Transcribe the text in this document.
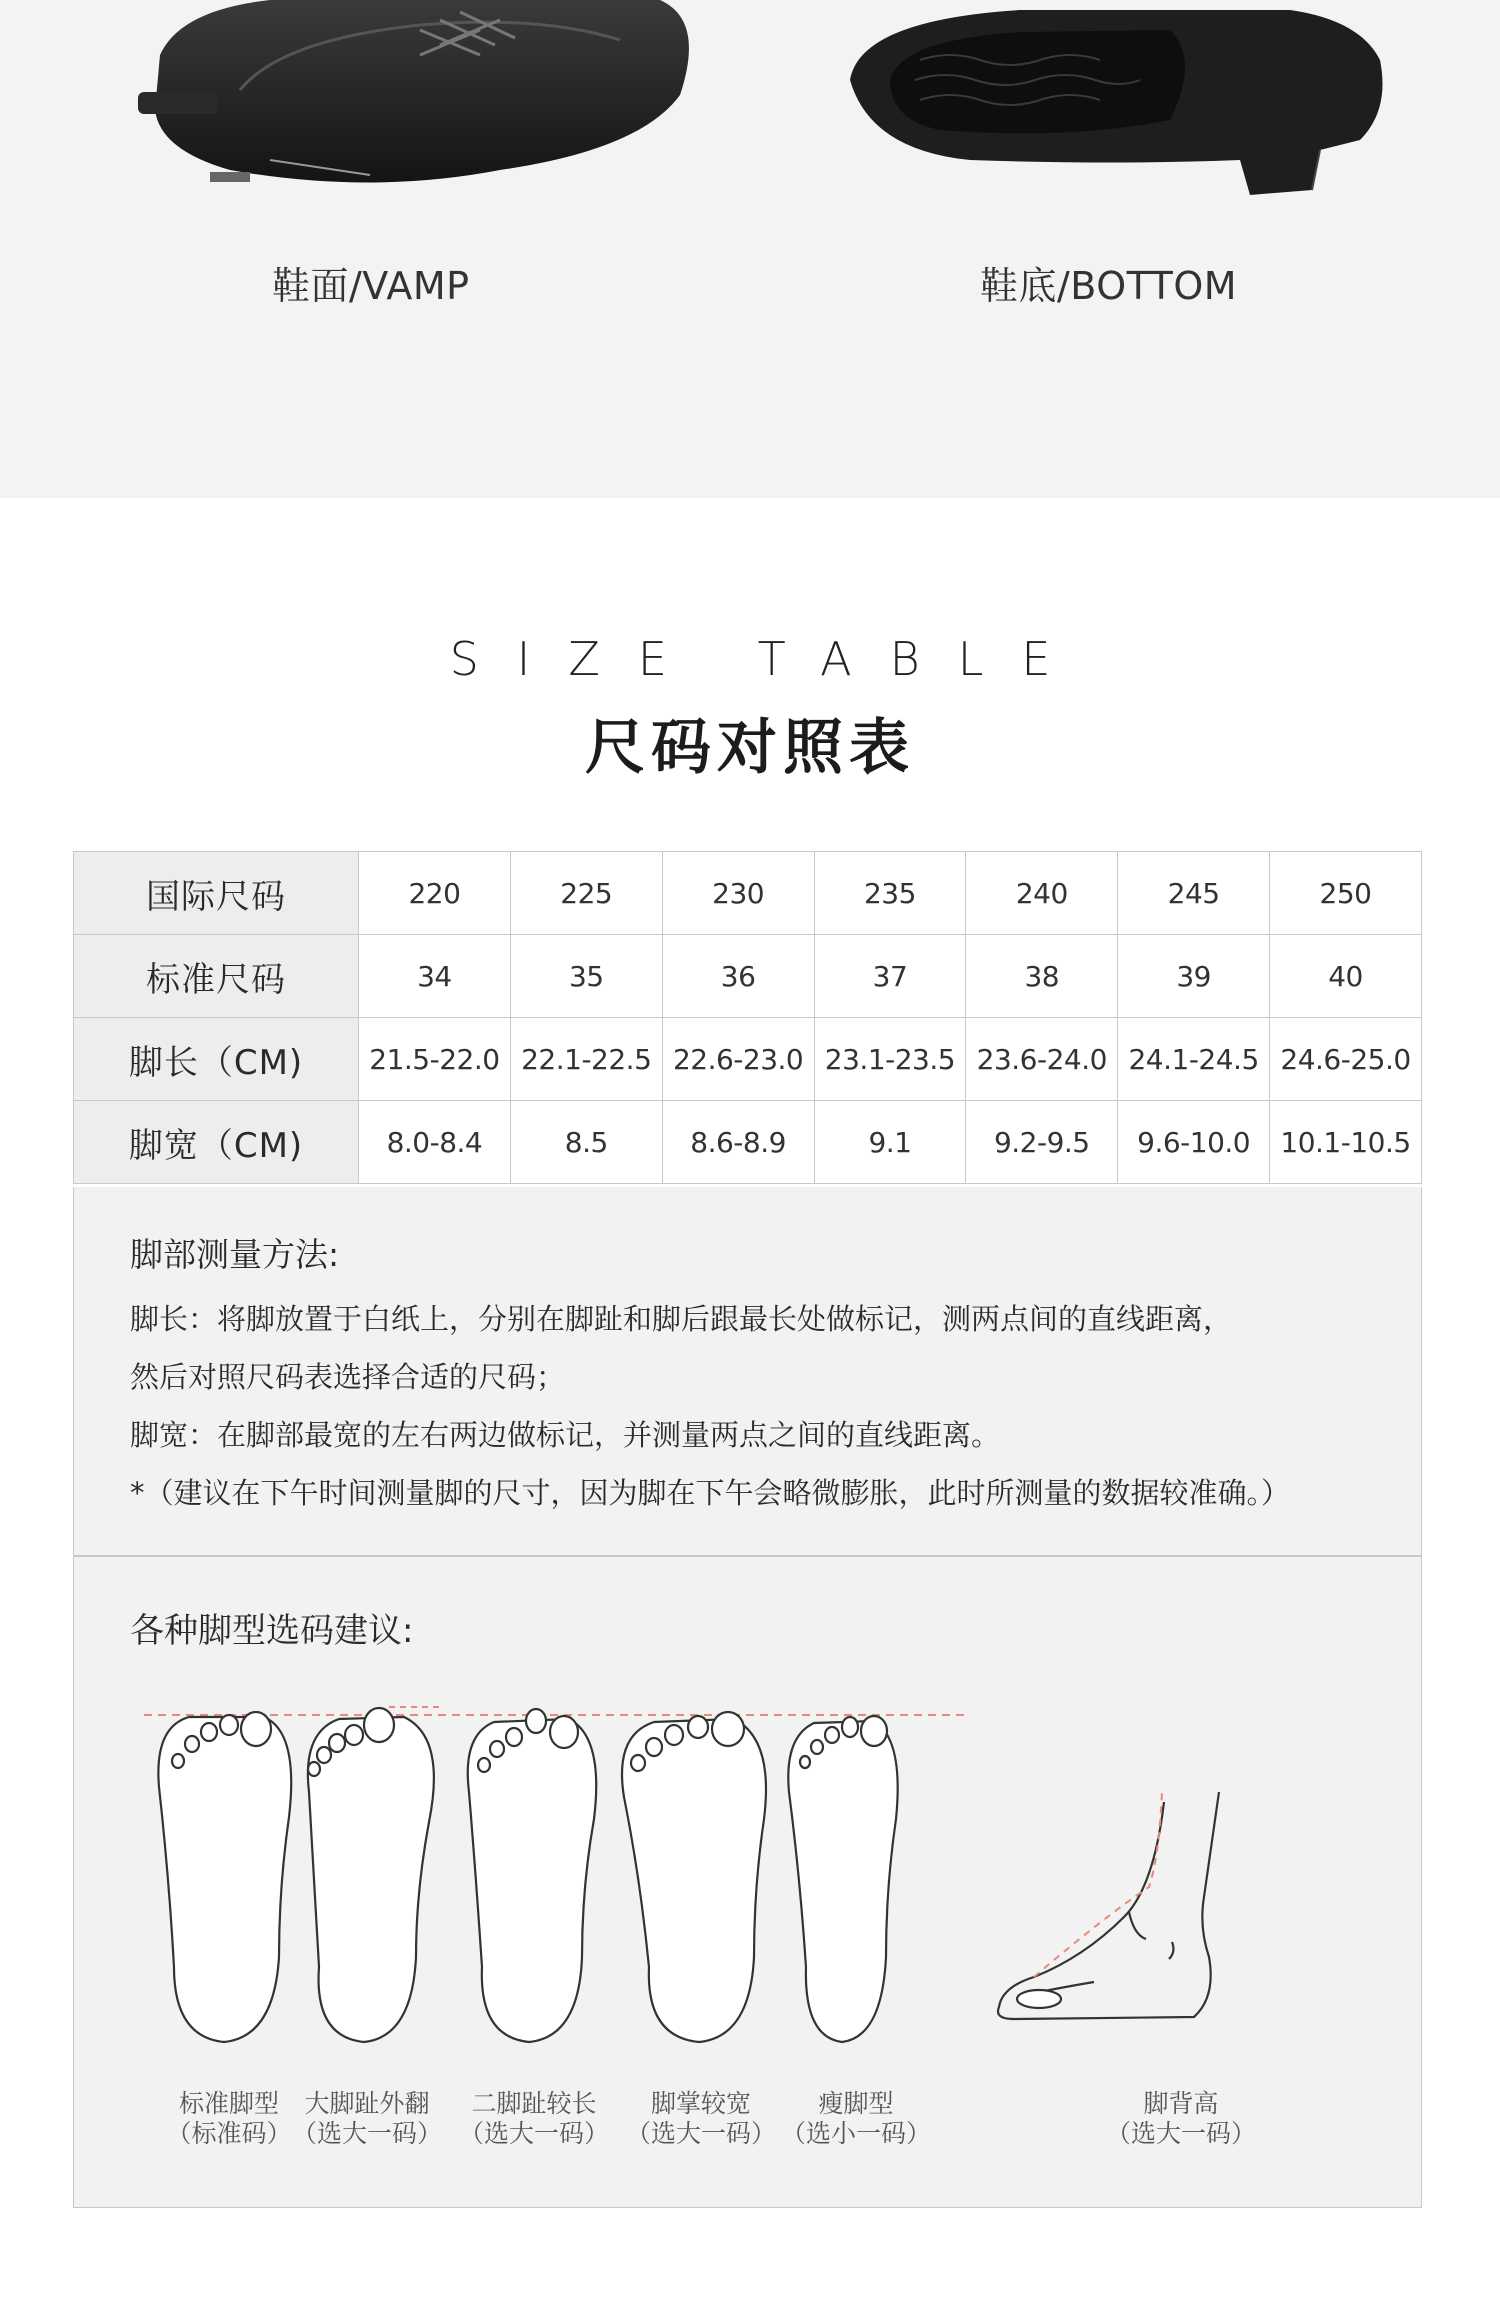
鞋面/VAMP	鞋底/BOTTOM
SIZE TABLE
尺码对照表
国际尺码	220	225	230	235	240	245	250
标准尺码	34	35	36	37	38	39	40
脚长（CM)	21.5-22.0	22.1-22.5	22.6-23.0	23.1-23.5	23.6-24.0	24.1-24.5	24.6-25.0
脚宽（CM)	8.0-8.4	8.5	8.6-8.9	9.1	9.2-9.5	9.6-10.0	10.1-10.5
脚部测量方法:
脚长：将脚放置于白纸上，分别在脚趾和脚后跟最长处做标记，测两点间的直线距离，
然后对照尺码表选择合适的尺码；
脚宽：在脚部最宽的左右两边做标记，并测量两点之间的直线距离。
*（建议在下午时间测量脚的尺寸，因为脚在下午会略微膨胀，此时所测量的数据较准确。）
各种脚型选码建议:
标准脚型
（标准码）
大脚趾外翻
（选大一码）
二脚趾较长
（选大一码）
脚掌较宽
（选大一码）
瘦脚型
（选小一码）
脚背高
（选大一码）
